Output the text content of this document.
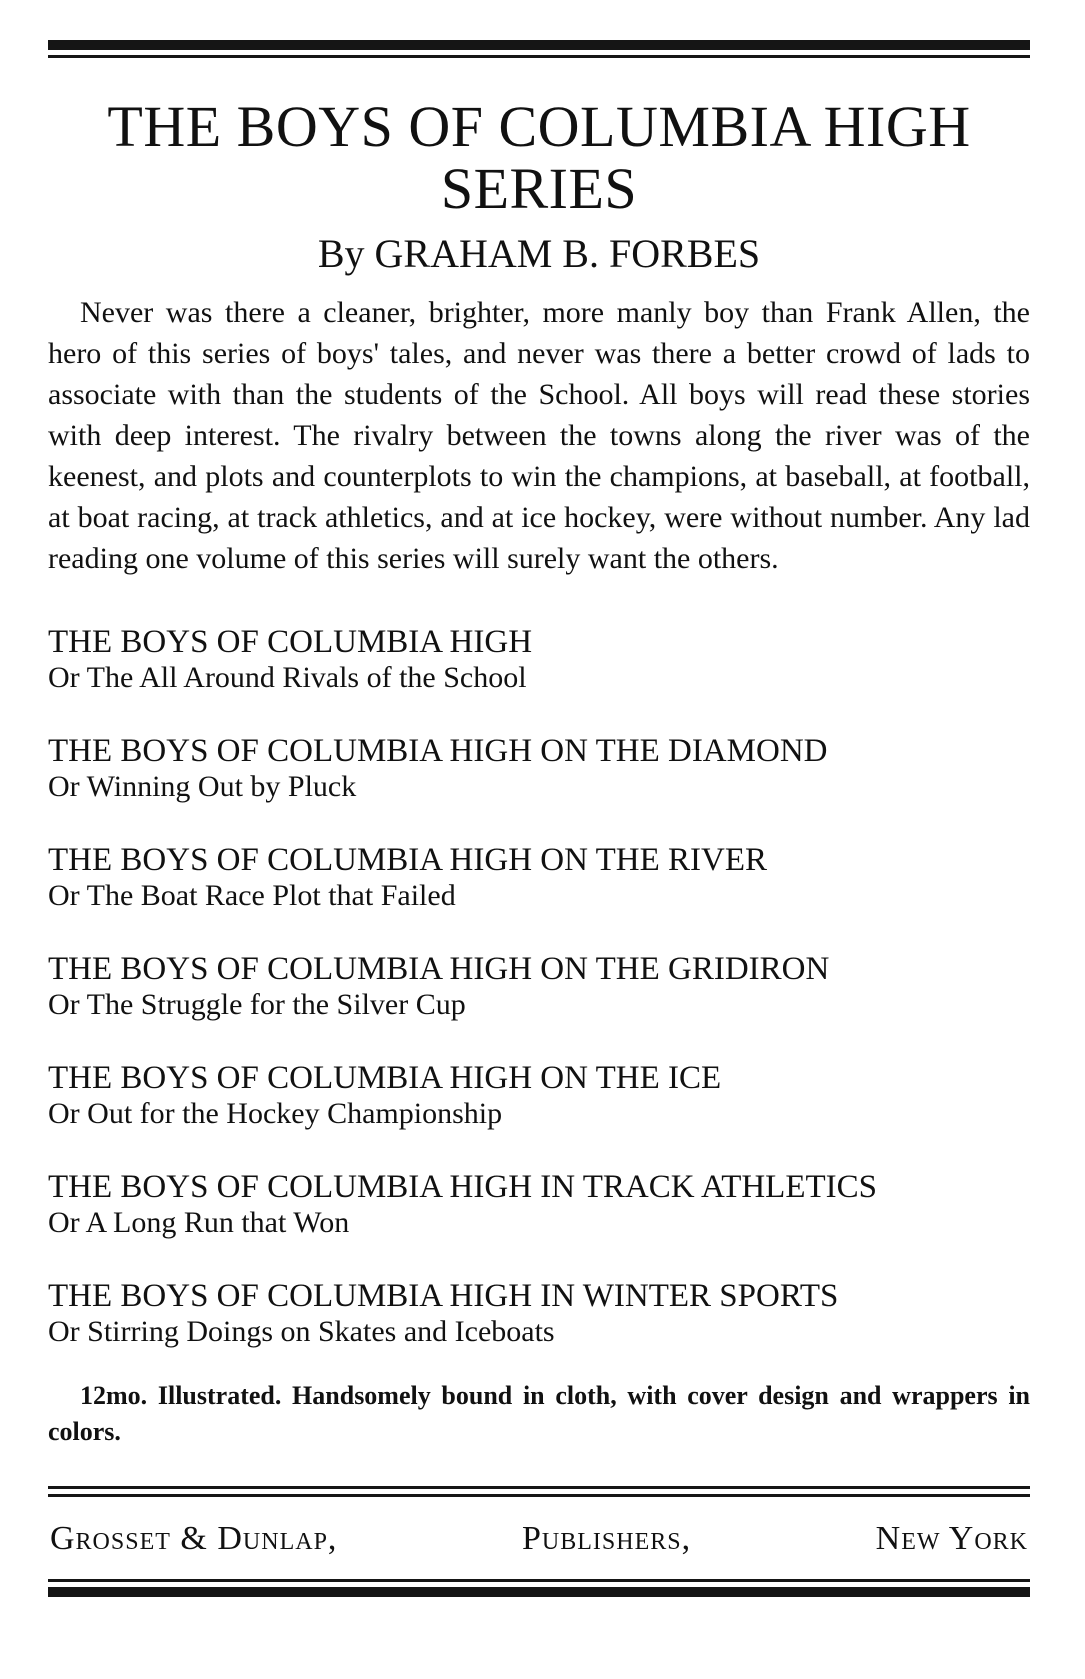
THE BOYS OF COLUMBIA HIGH
SERIES
By GRAHAM B. FORBES

Never was there a cleaner, brighter, more manly boy than Frank Allen, the hero of this series of boys' tales, and never was there a better crowd of lads to associate with than the students of the School. All boys will read these stories with deep interest. The rivalry between the towns along the river was of the keenest, and plots and counterplots to win the champions, at baseball, at football, at boat racing, at track athletics, and at ice hockey, were without number. Any lad reading one volume of this series will surely want the others.

THE BOYS OF COLUMBIA HIGH
Or The All Around Rivals of the School
THE BOYS OF COLUMBIA HIGH ON THE DIAMOND
Or Winning Out by Pluck
THE BOYS OF COLUMBIA HIGH ON THE RIVER
Or The Boat Race Plot that Failed
THE BOYS OF COLUMBIA HIGH ON THE GRIDIRON
Or The Struggle for the Silver Cup
THE BOYS OF COLUMBIA HIGH ON THE ICE
Or Out for the Hockey Championship
THE BOYS OF COLUMBIA HIGH IN TRACK ATHLETICS
Or A Long Run that Won
THE BOYS OF COLUMBIA HIGH IN WINTER SPORTS
Or Stirring Doings on Skates and Iceboats

12mo. Illustrated. Handsomely bound in cloth, with cover design and wrappers in colors.

Grosset & Dunlap,	Publishers,	New York
